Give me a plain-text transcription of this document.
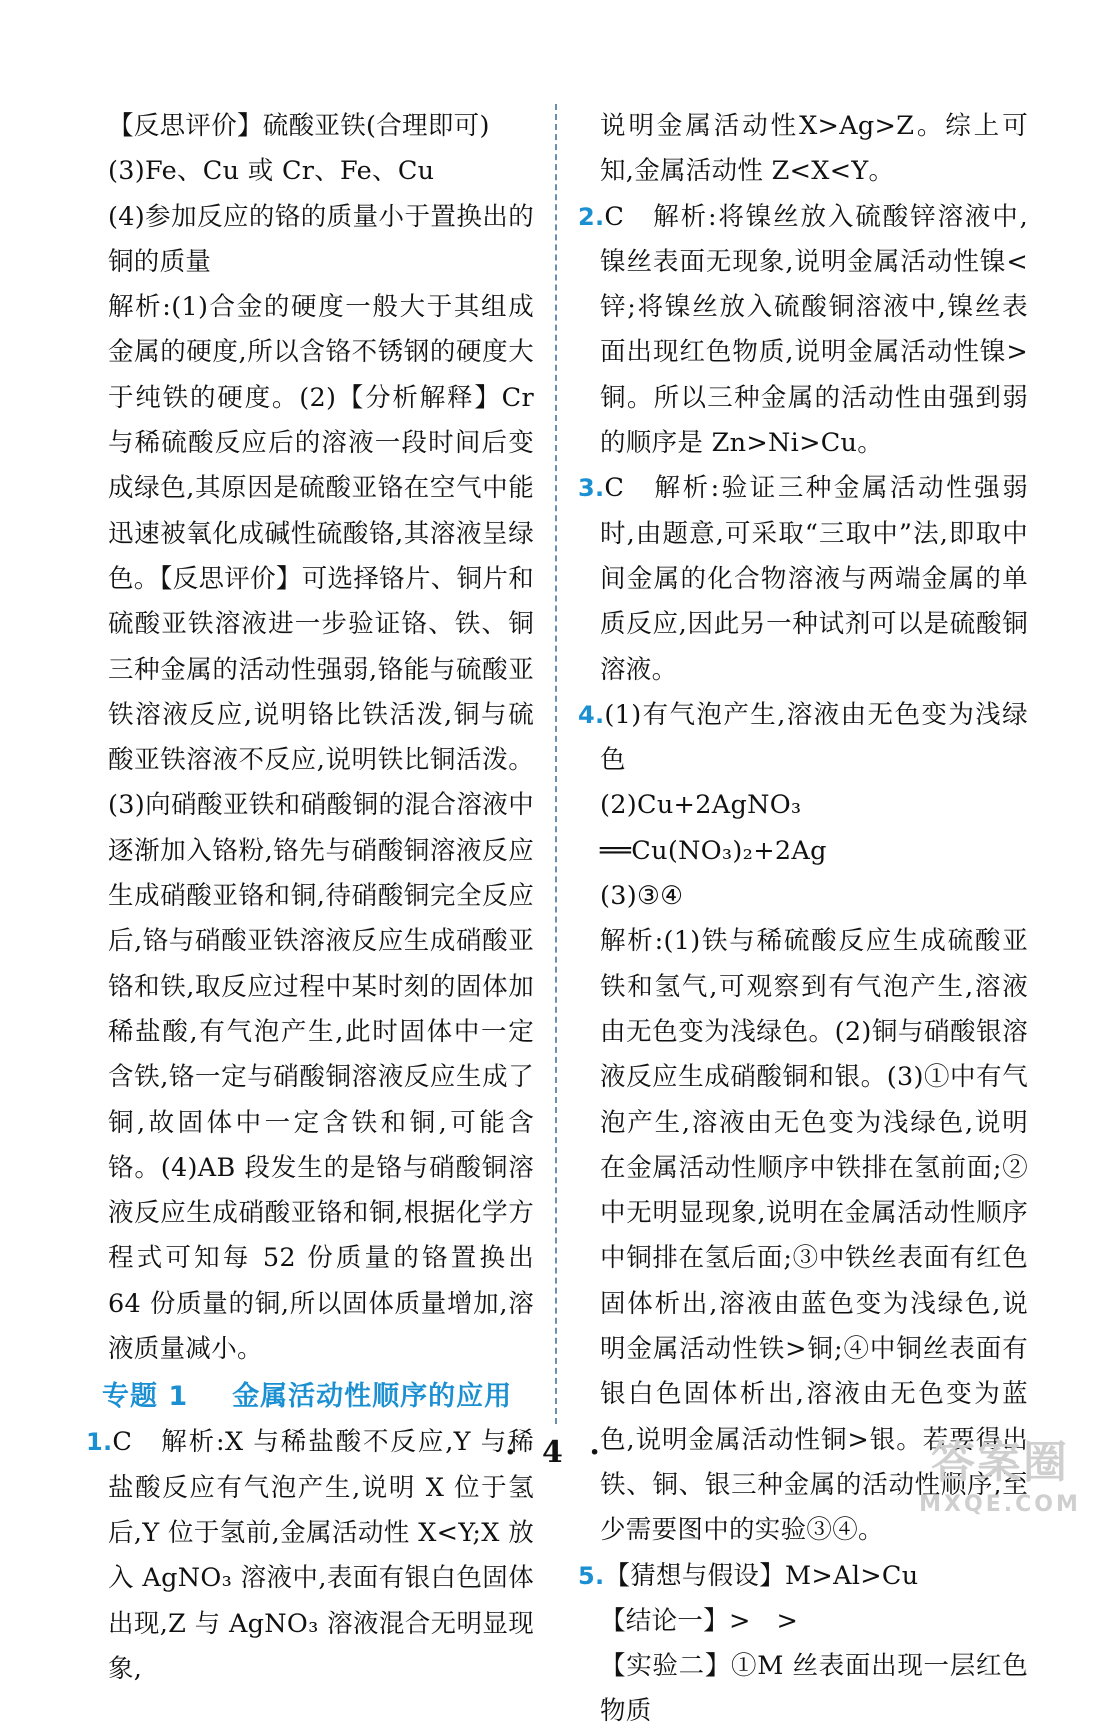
【反思评价】硫酸亚铁(合理即可)

(3)Fe、Cu 或 Cr、Fe、Cu

(4)参加反应的铬的质量小于置换出的铜的质量

解析:(1)合金的硬度一般大于其组成金属的硬度,所以含铬不锈钢的硬度大于纯铁的硬度。(2)【分析解释】Cr 与稀硫酸反应后的溶液一段时间后变成绿色,其原因是硫酸亚铬在空气中能迅速被氧化成碱性硫酸铬,其溶液呈绿色。【反思评价】可选择铬片、铜片和硫酸亚铁溶液进一步验证铬、铁、铜三种金属的活动性强弱,铬能与硫酸亚铁溶液反应,说明铬比铁活泼,铜与硫酸亚铁溶液不反应,说明铁比铜活泼。(3)向硝酸亚铁和硝酸铜的混合溶液中逐渐加入铬粉,铬先与硝酸铜溶液反应生成硝酸亚铬和铜,待硝酸铜完全反应后,铬与硝酸亚铁溶液反应生成硝酸亚铬和铁,取反应过程中某时刻的固体加稀盐酸,有气泡产生,此时固体中一定含铁,铬一定与硝酸铜溶液反应生成了铜,故固体中一定含铁和铜,可能含铬。(4)AB 段发生的是铬与硝酸铜溶液反应生成硝酸亚铬和铜,根据化学方程式可知每 52 份质量的铬置换出 64 份质量的铜,所以固体质量增加,溶液质量减小。

专题 1 金属活动性顺序的应用

1.C　解析:X 与稀盐酸不反应,Y 与稀盐酸反应有气泡产生,说明 X 位于氢后,Y 位于氢前,金属活动性 X<Y;X 放入 AgNO₃ 溶液中,表面有银白色固体出现,Z 与 AgNO₃ 溶液混合无明显现象,

说明金属活动性X>Ag>Z。综上可知,金属活动性 Z<X<Y。

2.C　解析:将镍丝放入硫酸锌溶液中,镍丝表面无现象,说明金属活动性镍<锌;将镍丝放入硫酸铜溶液中,镍丝表面出现红色物质,说明金属活动性镍>铜。所以三种金属的活动性由强到弱的顺序是 Zn>Ni>Cu。

3.C　解析:验证三种金属活动性强弱时,由题意,可采取“三取中”法,即取中间金属的化合物溶液与两端金属的单质反应,因此另一种试剂可以是硫酸铜溶液。

4.(1)有气泡产生,溶液由无色变为浅绿色

(2)Cu+2AgNO₃ ══Cu(NO₃)₂+2Ag

(3)③④

解析:(1)铁与稀硫酸反应生成硫酸亚铁和氢气,可观察到有气泡产生,溶液由无色变为浅绿色。(2)铜与硝酸银溶液反应生成硝酸铜和银。(3)①中有气泡产生,溶液由无色变为浅绿色,说明在金属活动性顺序中铁排在氢前面;②中无明显现象,说明在金属活动性顺序中铜排在氢后面;③中铁丝表面有红色固体析出,溶液由蓝色变为浅绿色,说明金属活动性铁>铜;④中铜丝表面有银白色固体析出,溶液由无色变为蓝色,说明金属活动性铜>银。若要得出铁、铜、银三种金属的活动性顺序,至少需要图中的实验③④。

5.【猜想与假设】M>Al>Cu

【结论一】>　>

【实验二】①M 丝表面出现一层红色物质

· 4 ·	答案圈
MXQE.COM
